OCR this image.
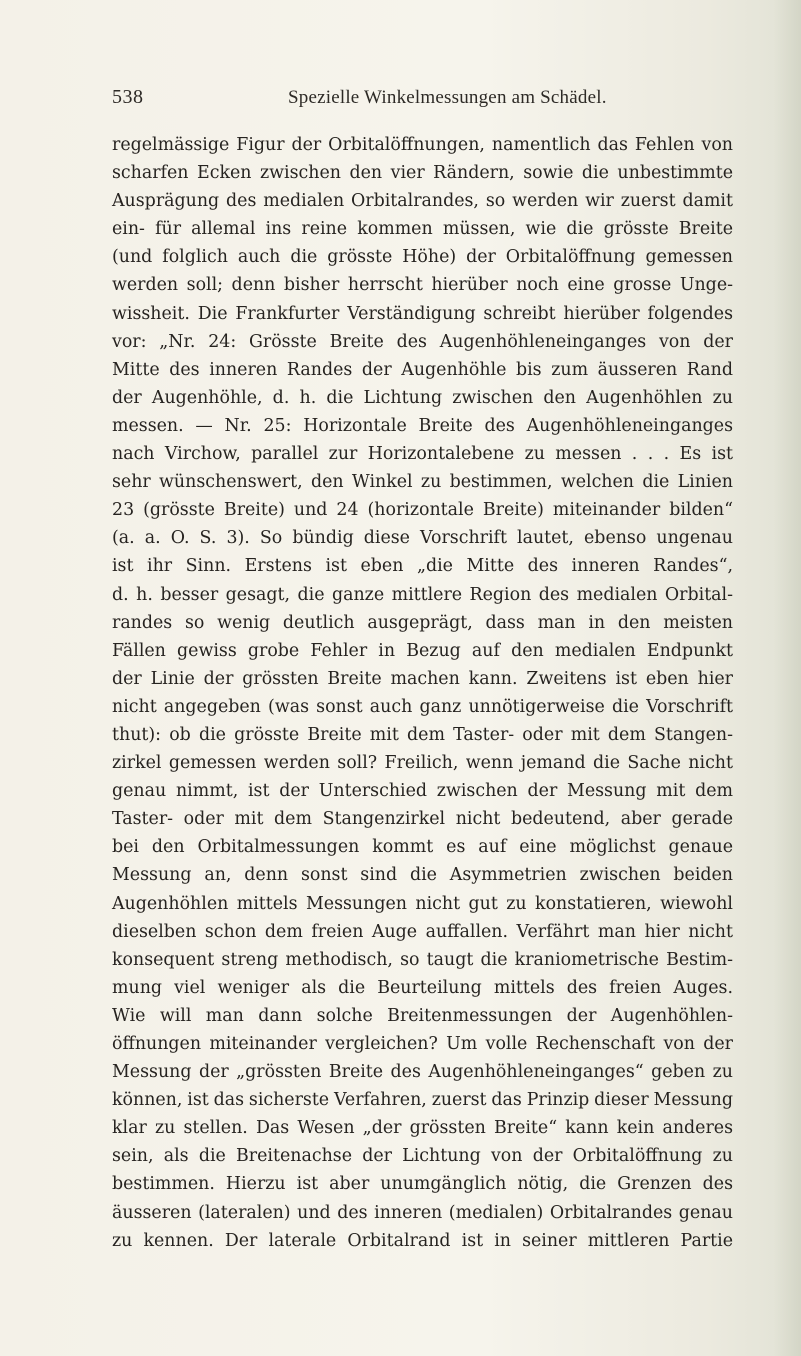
538	Spezielle Winkelmessungen am Schädel.
regelmässige Figur der Orbitalöffnungen, namentlich das Fehlen von
scharfen Ecken zwischen den vier Rändern, sowie die unbestimmte
Ausprägung des medialen Orbitalrandes, so werden wir zuerst damit
ein- für allemal ins reine kommen müssen, wie die grösste Breite
(und folglich auch die grösste Höhe) der Orbitalöffnung gemessen
werden soll; denn bisher herrscht hierüber noch eine grosse Unge-
wissheit. Die Frankfurter Verständigung schreibt hierüber folgendes
vor: „Nr. 24: Grösste Breite des Augenhöhleneinganges von der
Mitte des inneren Randes der Augenhöhle bis zum äusseren Rand
der Augenhöhle, d. h. die Lichtung zwischen den Augenhöhlen zu
messen. — Nr. 25: Horizontale Breite des Augenhöhleneinganges
nach Virchow, parallel zur Horizontalebene zu messen . . . Es ist
sehr wünschenswert, den Winkel zu bestimmen, welchen die Linien
23 (grösste Breite) und 24 (horizontale Breite) miteinander bilden“
(a. a. O. S. 3). So bündig diese Vorschrift lautet, ebenso ungenau
ist ihr Sinn. Erstens ist eben „die Mitte des inneren Randes“,
d. h. besser gesagt, die ganze mittlere Region des medialen Orbital-
randes so wenig deutlich ausgeprägt, dass man in den meisten
Fällen gewiss grobe Fehler in Bezug auf den medialen Endpunkt
der Linie der grössten Breite machen kann. Zweitens ist eben hier
nicht angegeben (was sonst auch ganz unnötigerweise die Vorschrift
thut): ob die grösste Breite mit dem Taster- oder mit dem Stangen-
zirkel gemessen werden soll? Freilich, wenn jemand die Sache nicht
genau nimmt, ist der Unterschied zwischen der Messung mit dem
Taster- oder mit dem Stangenzirkel nicht bedeutend, aber gerade
bei den Orbitalmessungen kommt es auf eine möglichst genaue
Messung an, denn sonst sind die Asymmetrien zwischen beiden
Augenhöhlen mittels Messungen nicht gut zu konstatieren, wiewohl
dieselben schon dem freien Auge auffallen. Verfährt man hier nicht
konsequent streng methodisch, so taugt die kraniometrische Bestim-
mung viel weniger als die Beurteilung mittels des freien Auges.
Wie will man dann solche Breitenmessungen der Augenhöhlen-
öffnungen miteinander vergleichen? Um volle Rechenschaft von der
Messung der „grössten Breite des Augenhöhleneinganges“ geben zu
können, ist das sicherste Verfahren, zuerst das Prinzip dieser Messung
klar zu stellen. Das Wesen „der grössten Breite“ kann kein anderes
sein, als die Breitenachse der Lichtung von der Orbitalöffnung zu
bestimmen. Hierzu ist aber unumgänglich nötig, die Grenzen des
äusseren (lateralen) und des inneren (medialen) Orbitalrandes genau
zu kennen. Der laterale Orbitalrand ist in seiner mittleren Partie
